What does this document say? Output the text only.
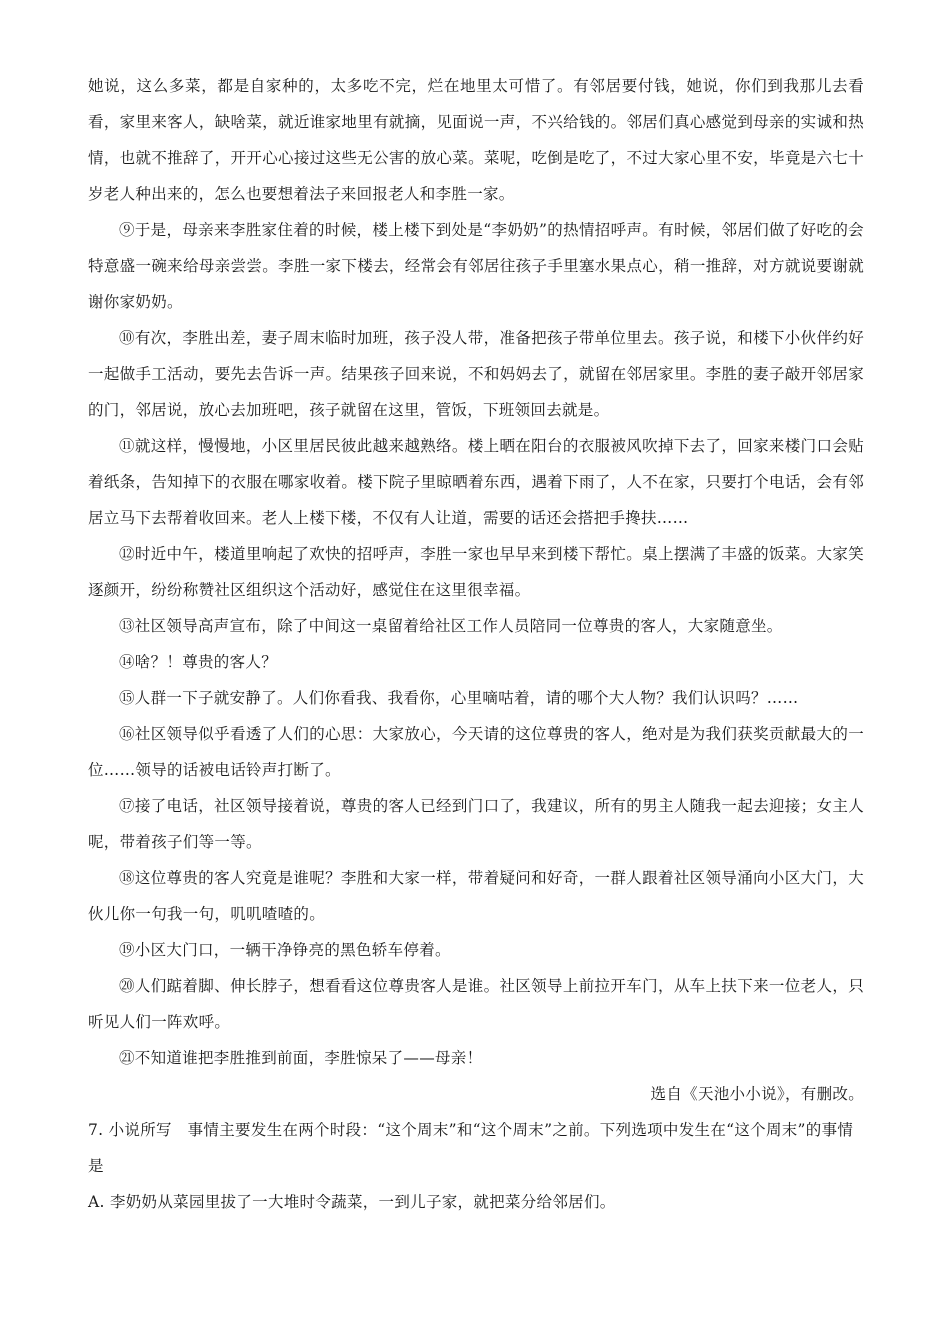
她说，这么多菜，都是自家种的，太多吃不完，烂在地里太可惜了。有邻居要付钱，她说，你们到我那儿去看看，家里来客人，缺啥菜，就近谁家地里有就摘，见面说一声，不兴给钱的。邻居们真心感觉到母亲的实诚和热情，也就不推辞了，开开心心接过这些无公害的放心菜。菜呢，吃倒是吃了，不过大家心里不安，毕竟是六七十岁老人种出来的，怎么也要想着法子来回报老人和李胜一家。

⑨于是，母亲来李胜家住着的时候，楼上楼下到处是“李奶奶”的热情招呼声。有时候，邻居们做了好吃的会特意盛一碗来给母亲尝尝。李胜一家下楼去，经常会有邻居往孩子手里塞水果点心，稍一推辞，对方就说要谢就谢你家奶奶。

⑩有次，李胜出差，妻子周末临时加班，孩子没人带，准备把孩子带单位里去。孩子说，和楼下小伙伴约好一起做手工活动，要先去告诉一声。结果孩子回来说，不和妈妈去了，就留在邻居家里。李胜的妻子敲开邻居家的门，邻居说，放心去加班吧，孩子就留在这里，管饭，下班领回去就是。

⑪就这样，慢慢地，小区里居民彼此越来越熟络。楼上晒在阳台的衣服被风吹掉下去了，回家来楼门口会贴着纸条，告知掉下的衣服在哪家收着。楼下院子里晾晒着东西，遇着下雨了，人不在家，只要打个电话，会有邻居立马下去帮着收回来。老人上楼下楼，不仅有人让道，需要的话还会搭把手搀扶……

⑫时近中午，楼道里响起了欢快的招呼声，李胜一家也早早来到楼下帮忙。桌上摆满了丰盛的饭菜。大家笑逐颜开，纷纷称赞社区组织这个活动好，感觉住在这里很幸福。

⑬社区领导高声宣布，除了中间这一桌留着给社区工作人员陪同一位尊贵的客人，大家随意坐。

⑭啥？！尊贵的客人？

⑮人群一下子就安静了。人们你看我、我看你，心里嘀咕着，请的哪个大人物？我们认识吗？……

⑯社区领导似乎看透了人们的心思：大家放心，今天请的这位尊贵的客人，绝对是为我们获奖贡献最大的一位……领导的话被电话铃声打断了。

⑰接了电话，社区领导接着说，尊贵的客人已经到门口了，我建议，所有的男主人随我一起去迎接；女主人呢，带着孩子们等一等。

⑱这位尊贵的客人究竟是谁呢？李胜和大家一样，带着疑问和好奇，一群人跟着社区领导涌向小区大门，大伙儿你一句我一句，叽叽喳喳的。

⑲小区大门口，一辆干净铮亮的黑色轿车停着。

⑳人们踮着脚、伸长脖子，想看看这位尊贵客人是谁。社区领导上前拉开车门，从车上扶下来一位老人，只听见人们一阵欢呼。

㉑不知道谁把李胜推到前面，李胜惊呆了——母亲！

选自《天池小小说》，有删改。

7. 小说所写　事情主要发生在两个时段：“这个周末”和“这个周末”之前。下列选项中发生在“这个周末”的事情是

A. 李奶奶从菜园里拔了一大堆时令蔬菜，一到儿子家，就把菜分给邻居们。
